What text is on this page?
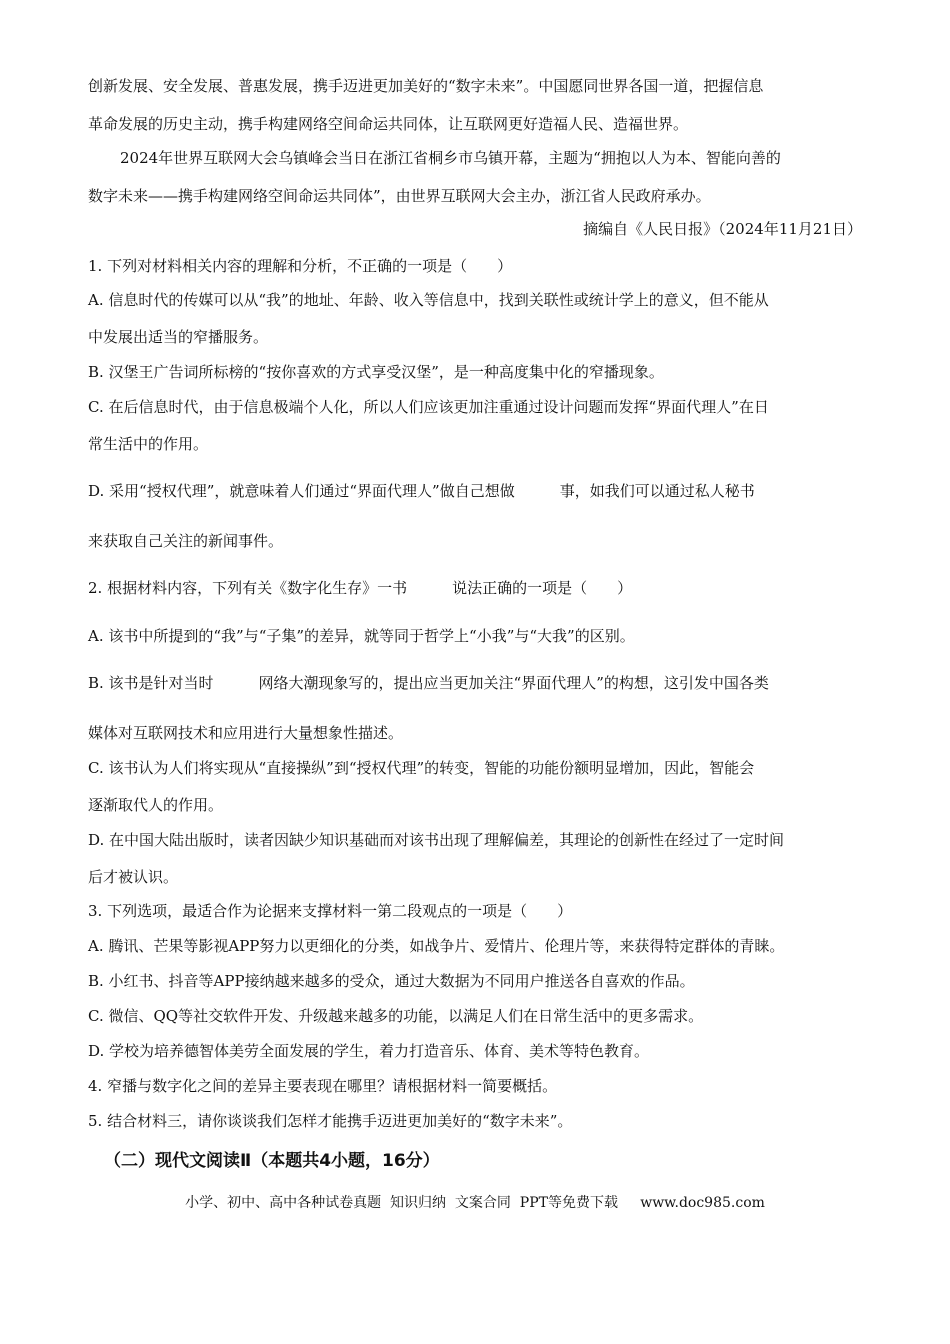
创新发展、安全发展、普惠发展，携手迈进更加美好的“数字未来”。中国愿同世界各国一道，把握信息
革命发展的历史主动，携手构建网络空间命运共同体，让互联网更好造福人民、造福世界。
2024年世界互联网大会乌镇峰会当日在浙江省桐乡市乌镇开幕，主题为“拥抱以人为本、智能向善的
数字未来——携手构建网络空间命运共同体”，由世界互联网大会主办，浙江省人民政府承办。
摘编自《人民日报》（2024年11月21日）
1. 下列对材料相关内容的理解和分析，不正确的一项是（　　）
A. 信息时代的传媒可以从“我”的地址、年龄、收入等信息中，找到关联性或统计学上的意义，但不能从
中发展出适当的窄播服务。
B. 汉堡王广告词所标榜的“按你喜欢的方式享受汉堡”，是一种高度集中化的窄播现象。
C. 在后信息时代，由于信息极端个人化，所以人们应该更加注重通过设计问题而发挥“界面代理人”在日
常生活中的作用。
D. 采用“授权代理”，就意味着人们通过“界面代理人”做自己想做　　　事，如我们可以通过私人秘书
来获取自己关注的新闻事件。
2. 根据材料内容，下列有关《数字化生存》一书　　　说法正确的一项是（　　）
A. 该书中所提到的“我”与“子集”的差异，就等同于哲学上“小我”与“大我”的区别。
B. 该书是针对当时　　　网络大潮现象写的，提出应当更加关注“界面代理人”的构想，这引发中国各类
媒体对互联网技术和应用进行大量想象性描述。
C. 该书认为人们将实现从“直接操纵”到“授权代理”的转变，智能的功能份额明显增加，因此，智能会
逐渐取代人的作用。
D. 在中国大陆出版时，读者因缺少知识基础而对该书出现了理解偏差，其理论的创新性在经过了一定时间
后才被认识。
3. 下列选项，最适合作为论据来支撑材料一第二段观点的一项是（　　）
A. 腾讯、芒果等影视APP努力以更细化的分类，如战争片、爱情片、伦理片等，来获得特定群体的青睐。
B. 小红书、抖音等APP接纳越来越多的受众，通过大数据为不同用户推送各自喜欢的作品。
C. 微信、QQ等社交软件开发、升级越来越多的功能，以满足人们在日常生活中的更多需求。
D. 学校为培养德智体美劳全面发展的学生，着力打造音乐、体育、美术等特色教育。
4. 窄播与数字化之间的差异主要表现在哪里？请根据材料一简要概括。
5. 结合材料三，请你谈谈我们怎样才能携手迈进更加美好的“数字未来”。
（二）现代文阅读Ⅱ（本题共4小题，16分）
小学、初中、高中各种试卷真题  知识归纳  文案合同  PPT等免费下载     www.doc985.com
